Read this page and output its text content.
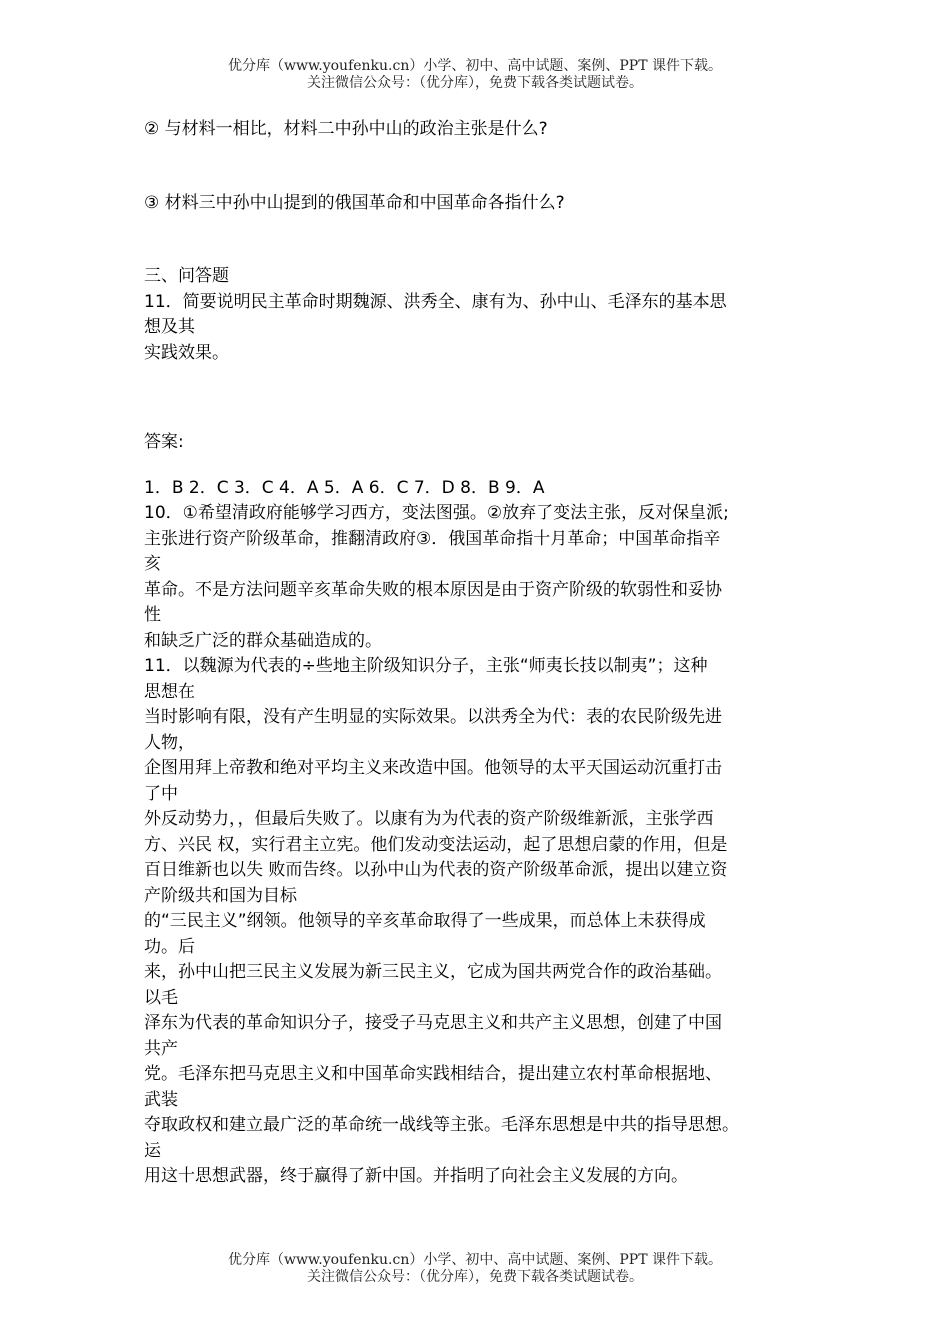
优分库（www.youfenku.cn）小学、初中、高中试题、案例、PPT 课件下载。
关注微信公众号：（优分库），免费下载各类试题试卷。
② 与材料一相比，材料二中孙中山的政治主张是什么?
③ 材料三中孙中山提到的俄国革命和中国革命各指什么?
三、问答题
11．简要说明民主革命时期魏源、洪秀全、康有为、孙中山、毛泽东的基本思
想及其
实践效果。
答案:
1．B 2．C 3．C 4．A 5．A 6．C 7．D 8．B 9．A
10．①希望清政府能够学习西方，变法图强。②放弃了变法主张，反对保皇派;
主张进行资产阶级革命，推翻清政府③．俄国革命指十月革命；中国革命指辛
亥
革命。不是方法问题辛亥革命失败的根本原因是由于资产阶级的软弱性和妥协
性
和缺乏广泛的群众基础造成的。
11．以魏源为代表的÷些地主阶级知识分子，主张“师夷长技以制夷”；这种
思想在
当时影响有限，没有产生明显的实际效果。以洪秀全为代：表的农民阶级先进
人物，
企图用拜上帝教和绝对平均主义来改造中国。他领导的太平天国运动沉重打击
了中
外反动势力，，但最后失败了。以康有为为代表的资产阶级维新派，主张学西
方、兴民 权，实行君主立宪。他们发动变法运动，起了思想启蒙的作用，但是
百日维新也以失 败而告终。以孙中山为代表的资产阶级革命派，提出以建立资
产阶级共和国为目标
的“三民主义”纲领。他领导的辛亥革命取得了一些成果，而总体上未获得成
功。后
来，孙中山把三民主义发展为新三民主义，它成为国共两党合作的政治基础。
以毛
泽东为代表的革命知识分子，接受子马克思主义和共产主义思想，创建了中国
共产
党。毛泽东把马克思主义和中国革命实践相结合，提出建立农村革命根据地、
武装
夺取政权和建立最广泛的革命统一战线等主张。毛泽东思想是中共的指导思想。
运
用这十思想武器，终于赢得了新中国。并指明了向社会主义发展的方向。
优分库（www.youfenku.cn）小学、初中、高中试题、案例、PPT 课件下载。
关注微信公众号：（优分库），免费下载各类试题试卷。
